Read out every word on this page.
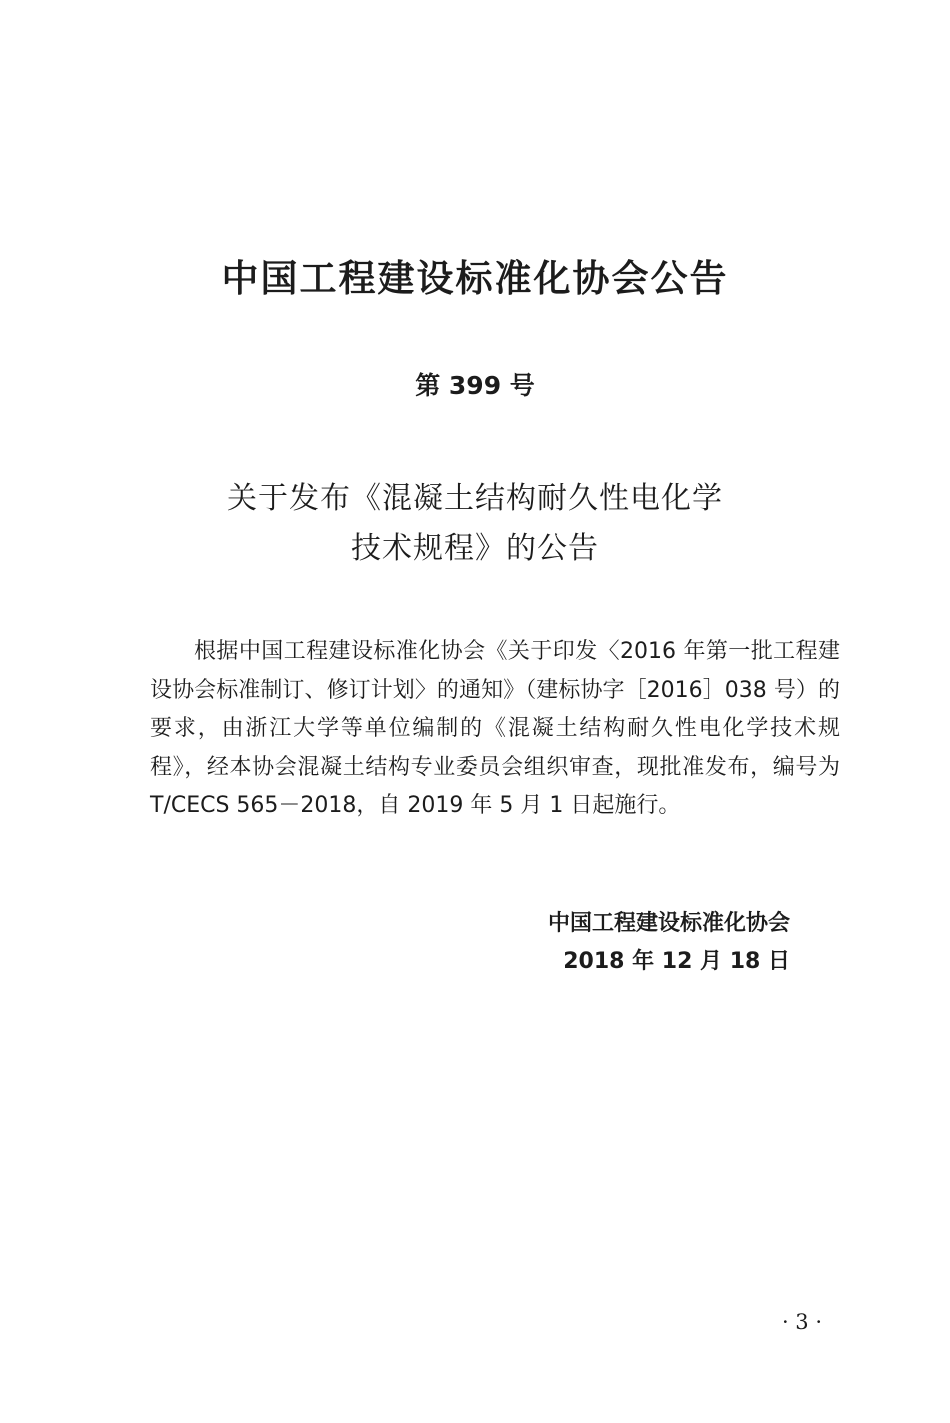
中国工程建设标准化协会公告
第 399 号
关于发布《混凝土结构耐久性电化学
技术规程》的公告

根据中国工程建设标准化协会《关于印发〈2016 年第一批工程建设协会标准制订、修订计划〉的通知》（建标协字［2016］038 号）的要求，由浙江大学等单位编制的《混凝土结构耐久性电化学技术规程》，经本协会混凝土结构专业委员会组织审查，现批准发布，编号为 T/CECS 565－2018，自 2019 年 5 月 1 日起施行。

中国工程建设标准化协会
2018 年 12 月 18 日
· 3 ·
